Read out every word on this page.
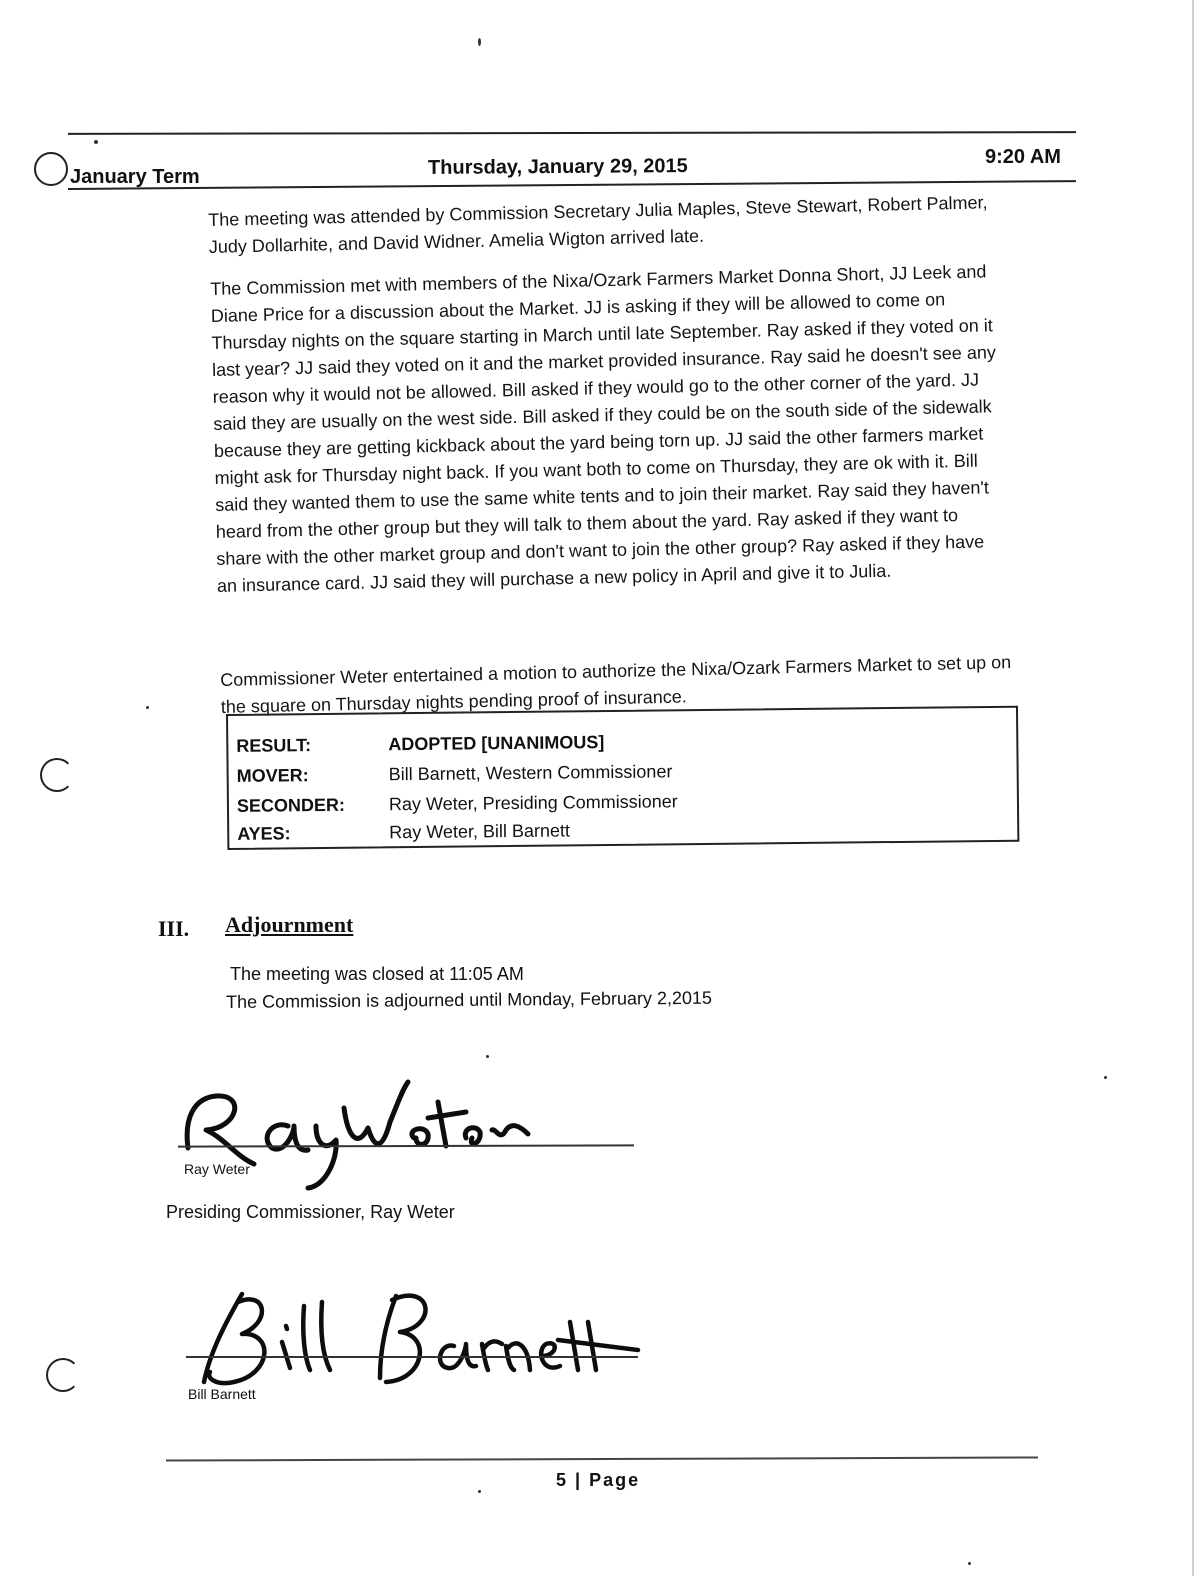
January Term	Thursday, January 29, 2015	9:20 AM
The meeting was attended by Commission Secretary Julia Maples, Steve Stewart, Robert Palmer, Judy Dollarhite, and David Widner. Amelia Wigton arrived late.
The Commission met with members of the Nixa/Ozark Farmers Market Donna Short, JJ Leek and Diane Price for a discussion about the Market. JJ is asking if they will be allowed to come on Thursday nights on the square starting in March until late September. Ray asked if they voted on it last year? JJ said they voted on it and the market provided insurance. Ray said he doesn't see any reason why it would not be allowed. Bill asked if they would go to the other corner of the yard. JJ said they are usually on the west side. Bill asked if they could be on the south side of the sidewalk because they are getting kickback about the yard being torn up. JJ said the other farmers market might ask for Thursday night back. If you want both to come on Thursday, they are ok with it. Bill said they wanted them to use the same white tents and to join their market. Ray said they haven't heard from the other group but they will talk to them about the yard. Ray asked if they want to share with the other market group and don't want to join the other group? Ray asked if they have an insurance card. JJ said they will purchase a new policy in April and give it to Julia.
Commissioner Weter entertained a motion to authorize the Nixa/Ozark Farmers Market to set up on the square on Thursday nights pending proof of insurance.
RESULT:	ADOPTED [UNANIMOUS]
MOVER:	Bill Barnett, Western Commissioner
SECONDER:	Ray Weter, Presiding Commissioner
AYES:	Ray Weter, Bill Barnett
III. Adjournment
The meeting was closed at 11:05 AM
The Commission is adjourned until Monday, February 2,2015
Ray Weter
Presiding Commissioner, Ray Weter
Bill Barnett
5 | Page
